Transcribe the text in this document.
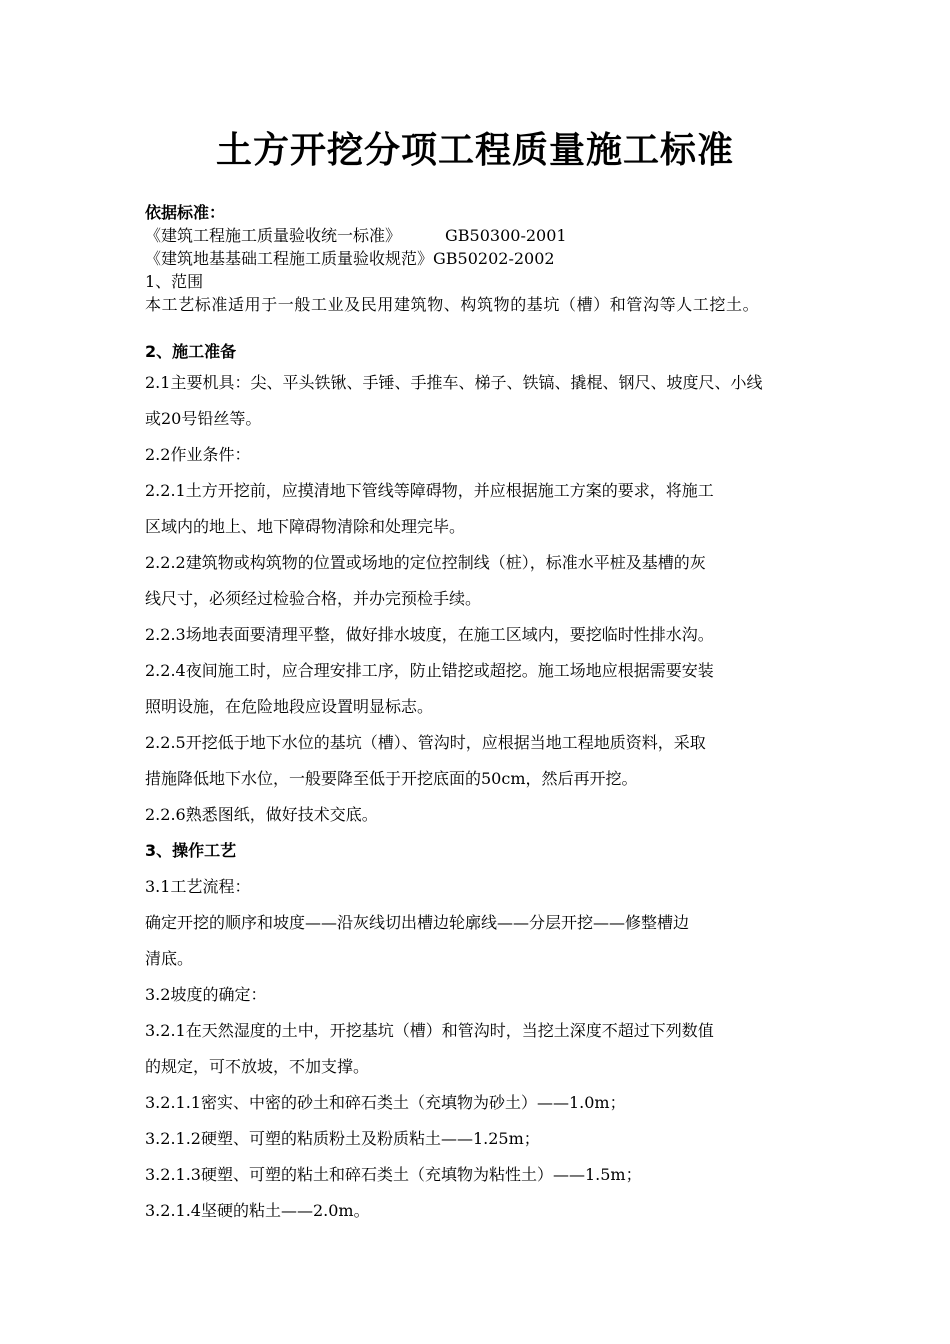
土方开挖分项工程质量施工标准

依据标准：

《建筑工程施工质量验收统一标准》	GB50300-2001

《建筑地基基础工程施工质量验收规范》GB50202-2002

1、范围

本工艺标准适用于一般工业及民用建筑物、构筑物的基坑（槽）和管沟等人工挖土。

2、施工准备

2.1主要机具：尖、平头铁锹、手锤、手推车、梯子、铁镐、撬棍、钢尺、坡度尺、小线

或20号铅丝等。

2.2作业条件：

2.2.1土方开挖前，应摸清地下管线等障碍物，并应根据施工方案的要求，将施工

区域内的地上、地下障碍物清除和处理完毕。

2.2.2建筑物或构筑物的位置或场地的定位控制线（桩），标准水平桩及基槽的灰

线尺寸，必须经过检验合格，并办完预检手续。

2.2.3场地表面要清理平整，做好排水坡度，在施工区域内，要挖临时性排水沟。

2.2.4夜间施工时，应合理安排工序，防止错挖或超挖。施工场地应根据需要安装

照明设施，在危险地段应设置明显标志。

2.2.5开挖低于地下水位的基坑（槽）、管沟时，应根据当地工程地质资料，采取

措施降低地下水位，一般要降至低于开挖底面的50cm，然后再开挖。

2.2.6熟悉图纸，做好技术交底。

3、操作工艺

3.1工艺流程：

确定开挖的顺序和坡度——沿灰线切出槽边轮廓线——分层开挖——修整槽边

清底。

3.2坡度的确定：

3.2.1在天然湿度的土中，开挖基坑（槽）和管沟时，当挖土深度不超过下列数值

的规定，可不放坡，不加支撑。

3.2.1.1密实、中密的砂土和碎石类土（充填物为砂土）——1.0m；

3.2.1.2硬塑、可塑的粘质粉土及粉质粘土——1.25m；

3.2.1.3硬塑、可塑的粘土和碎石类土（充填物为粘性土）——1.5m；

3.2.1.4坚硬的粘土——2.0m。
